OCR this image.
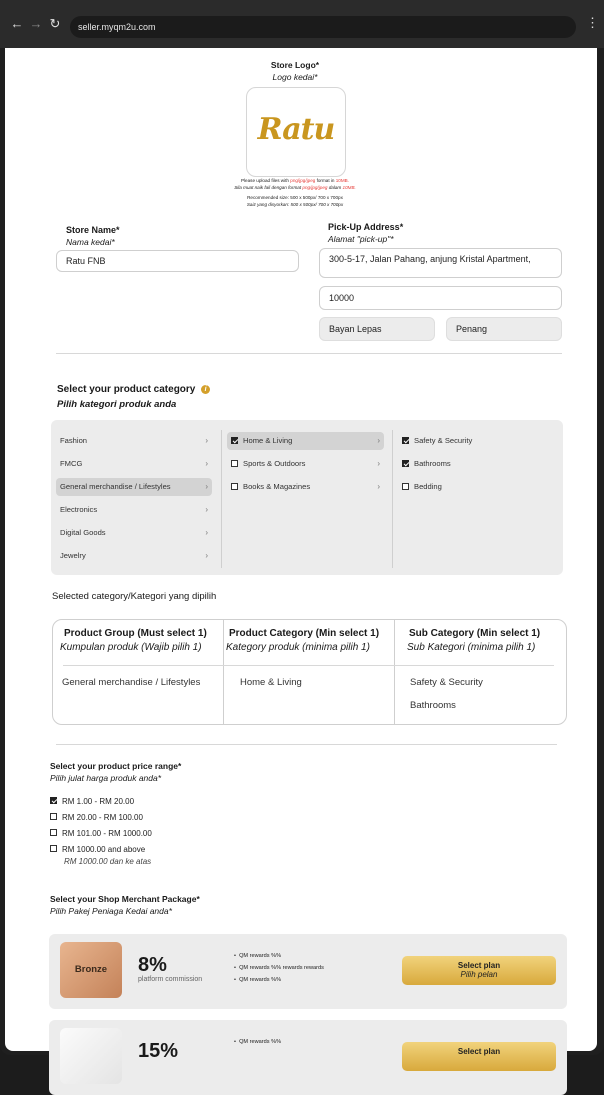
← → ↻	seller.myqm2u.com	⋮
Store Logo*
Logo kedai*
Ratu
Please upload files with png/jpg/jpeg format in 10MB.
Sila muat naik fail dengan format png/jpg/jpeg dalam 10MB.
Recommended size: 500 x 500px/ 700 x 700px
Saiz yang disyorkan: 500 x 500px/ 700 x 700px
Store Name*
Nama kedai*
Ratu FNB
Pick-Up Address*
Alamat "pick-up"*
300-5-17, Jalan Pahang, anjung Kristal Apartment,
10000
Bayan Lepas	Penang
Select your product category i
Pilih kategori produk anda
Fashion	›
FMCG	›
General merchandise / Lifestyles	›
Electronics	›
Digital Goods	›
Jewelry	›
Home & Living	›
Sports & Outdoors	›
Books & Magazines	›
Safety & Security
Bathrooms
Bedding
Selected category/Kategori yang dipilih
Product Group (Must select 1)
Kumpulan produk (Wajib pilih 1)
Product Category (Min select 1)
Kategory produk (minima pilih 1)
Sub Category (Min select 1)
Sub Kategori (minima pilih 1)
General merchandise / Lifestyles	Home & Living	Safety & Security
Bathrooms
Select your product price range*
Pilih julat harga produk anda*
RM 1.00 - RM 20.00
RM 20.00 - RM 100.00
RM 101.00 - RM 1000.00
RM 1000.00 and above
RM 1000.00 dan ke atas
Select your Shop Merchant Package*
Pilih Pakej Peniaga Kedai anda*
Bronze	8%
platform commission
•  QM rewards %%
•  QM rewards %% rewards rewards
•  QM rewards %%
Select plan
Pilih pelan
15%	•  QM rewards %%
Select plan
